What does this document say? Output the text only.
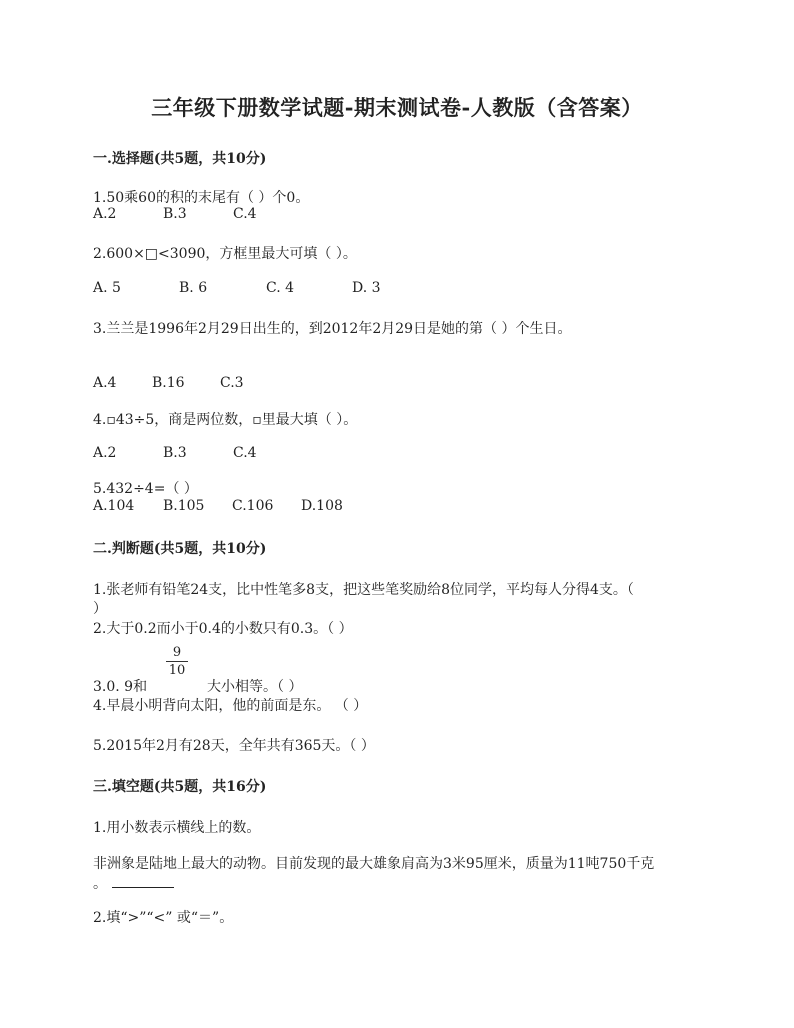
三年级下册数学试题-期末测试卷-人教版（含答案）
一.选择题(共5题，共10分)
1.50乘60的积的末尾有（ ）个0。
A.2	B.3	C.4
2.600×□<3090，方框里最大可填（ ）。
A. 5	B. 6	C. 4	D. 3
3.兰兰是1996年2月29日出生的，到2012年2月29日是她的第（ ）个生日。
A.4	B.16	C.3
4.▫43÷5，商是两位数，▫里最大填（ ）。
A.2	B.3	C.4
5.432÷4=（ ）
A.104 B.105 C.106 D.108
二.判断题(共5题，共10分)
1.张老师有铅笔24支，比中性笔多8支，把这些笔奖励给8位同学，平均每人分得4支。（
）
2.大于0.2而小于0.4的小数只有0.3。（ ）
3.0. 9和
9
10
大小相等。（ ）
4.早晨小明背向太阳，他的前面是东。 （ ）
5.2015年2月有28天，全年共有365天。（ ）
三.填空题(共5题，共16分)
1.用小数表示横线上的数。
非洲象是陆地上最大的动物。目前发现的最大雄象肩高为3米95厘米，质量为11吨750千克
。
2.填“>”“<” 或“＝”。
